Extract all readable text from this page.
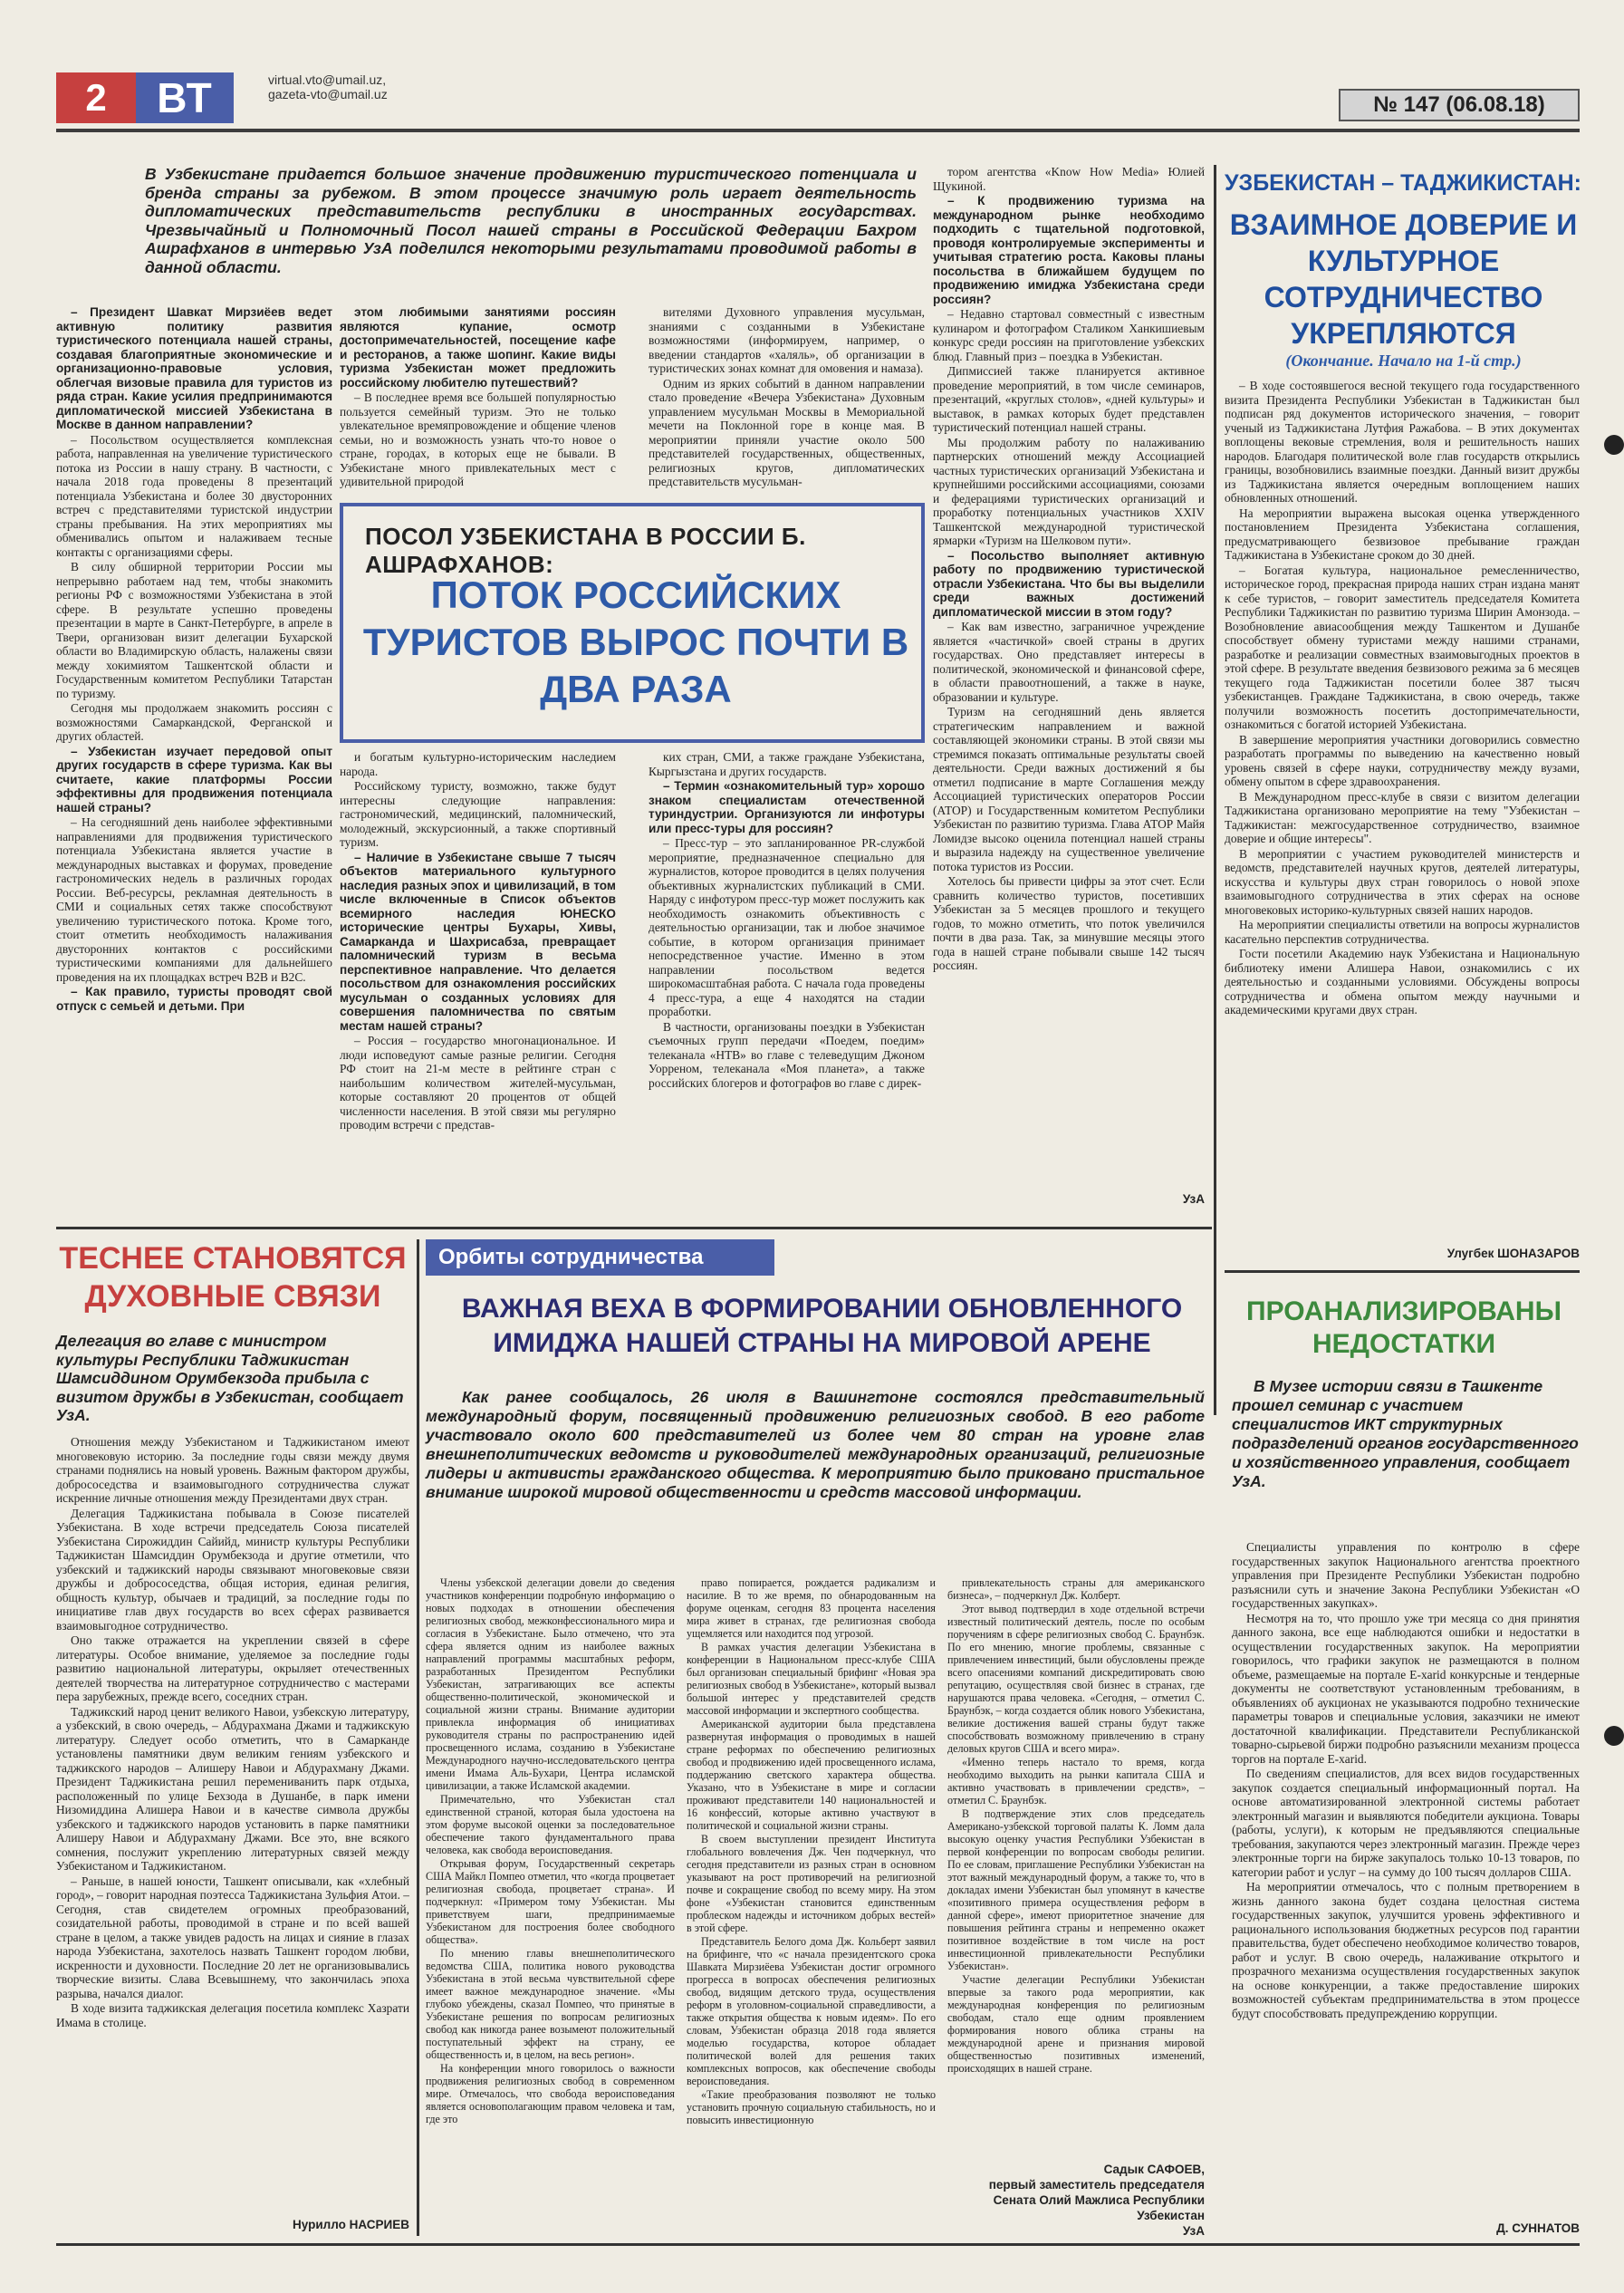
2	ВТ	virtual.vto@umail.uz,
gazeta-vto@umail.uz	№ 147 (06.08.18)
В Узбекистане придается большое значение продвижению туристического потенциала и бренда страны за рубежом. В этом процессе значимую роль играет деятельность дипломатических представительств республики в иностранных государствах. Чрезвычайный и Полномочный Посол нашей страны в Российской Федерации Бахром Ашрафханов в интервью УзА поделился некоторыми результатами проводимой работы в данной области.

– Президент Шавкат Мирзиёев ведет активную политику развития туристического потенциала нашей страны, создавая благоприятные экономические и организационно-правовые условия, облегчая визовые правила для туристов из ряда стран. Какие усилия предпринимаются дипломатической миссией Узбекистана в Москве в данном направлении?

– Посольством осуществляется комплексная работа, направленная на увеличение туристического потока из России в нашу страну. В частности, с начала 2018 года проведены 8 презентаций потенциала Узбекистана и более 30 двусторонних встреч с представителями туристской индустрии страны пребывания. На этих мероприятиях мы обменивались опытом и налаживаем тесные контакты с организациями сферы.

В силу обширной территории России мы непрерывно работаем над тем, чтобы знакомить регионы РФ с возможностями Узбекистана в этой сфере. В результате успешно проведены презентации в марте в Санкт-Петербурге, в апреле в Твери, организован визит делегации Бухарской области во Владимирскую область, налажены связи между хокимиятом Ташкентской области и Государственным комитетом Республики Татарстан по туризму.

Сегодня мы продолжаем знакомить россиян с возможностями Самаркандской, Ферганской и других областей.

– Узбекистан изучает передовой опыт других государств в сфере туризма. Как вы считаете, какие платформы России эффективны для продвижения потенциала нашей страны?

– На сегодняшний день наиболее эффективными направлениями для продвижения туристического потенциала Узбекистана является участие в международных выставках и форумах, проведение гастрономических недель в различных городах России. Веб-ресурсы, рекламная деятельность в СМИ и социальных сетях также способствуют увеличению туристического потока. Кроме того, стоит отметить необходимость налаживания двусторонних контактов с российскими туристическими компаниями для дальнейшего проведения на их площадках встреч В2В и В2С.

– Как правило, туристы проводят свой отпуск с семьей и детьми. При

этом любимыми занятиями россиян являются купание, осмотр достопримечательностей, посещение кафе и ресторанов, а также шопинг. Какие виды туризма Узбекистан может предложить российскому любителю путешествий?

– В последнее время все большей популярностью пользуется семейный туризм. Это не только увлекательное времяпровождение и общение членов семьи, но и возможность узнать что-то новое о стране, городах, в которых еще не бывали. В Узбекистане много привлекательных мест с удивительной природой

вителями Духовного управления мусульман, знаниями с созданными в Узбекистане возможностями (информируем, например, о введении стандартов «халяль», об организации в туристических зонах комнат для омовения и намаза).

Одним из ярких событий в данном направлении стало проведение «Вечера Узбекистана» Духовным управлением мусульман Москвы в Мемориальной мечети на Поклонной горе в конце мая. В мероприятии приняли участие около 500 представителей государственных, общественных, религиозных кругов, дипломатических представительств мусульман-

ПОСОЛ УЗБЕКИСТАНА В РОССИИ Б. АШРАФХАНОВ:
ПОТОК РОССИЙСКИХ ТУРИСТОВ ВЫРОС ПОЧТИ В ДВА РАЗА

и богатым культурно-историческим наследием народа.

Российскому туристу, возможно, также будут интересны следующие направления: гастрономический, медицинский, паломнический, молодежный, экскурсионный, а также спортивный туризм.

– Наличие в Узбекистане свыше 7 тысяч объектов материального культурного наследия разных эпох и цивилизаций, в том числе включенные в Список объектов всемирного наследия ЮНЕСКО исторические центры Бухары, Хивы, Самарканда и Шахрисабза, превращает паломнический туризм в весьма перспективное направление. Что делается посольством для ознакомления российских мусульман о созданных условиях для совершения паломничества по святым местам нашей страны?

– Россия – государство многонациональное. И люди исповедуют самые разные религии. Сегодня РФ стоит на 21-м месте в рейтинге стран с наибольшим количеством жителей-мусульман, которые составляют 20 процентов от общей численности населения. В этой связи мы регулярно проводим встречи с представ-

ких стран, СМИ, а также граждане Узбекистана, Кыргызстана и других государств.

– Термин «ознакомительный тур» хорошо знаком специалистам отечественной туриндустрии. Организуются ли инфотуры или пресс-туры для россиян?

– Пресс-тур – это запланированное PR-службой мероприятие, предназначенное специально для журналистов, которое проводится в целях получения объективных журналистских публикаций в СМИ. Наряду с инфотуром пресс-тур может послужить как необходимость ознакомить объективность с деятельностью организации, так и любое значимое событие, в котором организация принимает непосредственное участие. Именно в этом направлении посольством ведется широкомасштабная работа. С начала года проведены 4 пресс-тура, а еще 4 находятся на стадии проработки.

В частности, организованы поездки в Узбекистан съемочных групп передачи «Поедем, поедим» телеканала «НТВ» во главе с телеведущим Джоном Уорреном, телеканала «Моя планета», а также российских блогеров и фотографов во главе с дирек-

тором агентства «Know How Media» Юлией Щукиной.

– К продвижению туризма на международном рынке необходимо подходить с тщательной подготовкой, проводя контролируемые эксперименты и учитывая стратегию роста. Каковы планы посольства в ближайшем будущем по продвижению имиджа Узбекистана среди россиян?

– Недавно стартовал совместный с известным кулинаром и фотографом Сталиком Ханкишиевым конкурс среди россиян на приготовление узбекских блюд. Главный приз – поездка в Узбекистан.

Дипмиссией также планируется активное проведение мероприятий, в том числе семинаров, презентаций, «круглых столов», «дней культуры» и выставок, в рамках которых будет представлен туристический потенциал нашей страны.

Мы продолжим работу по налаживанию партнерских отношений между Ассоциацией частных туристических организаций Узбекистана и крупнейшими российскими ассоциациями, союзами и федерациями туристических организаций и проработку потенциальных участников XXIV Ташкентской международной туристической ярмарки «Туризм на Шелковом пути».

– Посольство выполняет активную работу по продвижению туристической отрасли Узбекистана. Что бы вы выделили среди важных достижений дипломатической миссии в этом году?

– Как вам известно, заграничное учреждение является «частичкой» своей страны в других государствах. Оно представляет интересы в политической, экономической и финансовой сфере, в области правоотношений, а также в науке, образовании и культуре.

Туризм на сегодняшний день является стратегическим направлением и важной составляющей экономики страны. В этой связи мы стремимся показать оптимальные результаты своей деятельности. Среди важных достижений я бы отметил подписание в марте Соглашения между Ассоциацией туристических операторов России (АТОР) и Государственным комитетом Республики Узбекистан по развитию туризма. Глава АТОР Майя Ломидзе высоко оценила потенциал нашей страны и выразила надежду на существенное увеличение потока туристов из России.

Хотелось бы привести цифры за этот счет. Если сравнить количество туристов, посетивших Узбекистан за 5 месяцев прошлого и текущего годов, то можно отметить, что поток увеличился почти в два раза. Так, за минувшие месяцы этого года в нашей стране побывали свыше 142 тысяч россиян.

УзА
УЗБЕКИСТАН – ТАДЖИКИСТАН:
ВЗАИМНОЕ ДОВЕРИЕ И КУЛЬТУРНОЕ СОТРУДНИЧЕСТВО УКРЕПЛЯЮТСЯ
(Окончание. Начало на 1-й стр.)

– В ходе состоявшегося весной текущего года государственного визита Президента Республики Узбекистан в Таджикистан был подписан ряд документов исторического значения, – говорит ученый из Таджикистана Лутфия Ражабова. – В этих документах воплощены вековые стремления, воля и решительность наших народов. Благодаря политической воле глав государств открылись границы, возобновились взаимные поездки. Данный визит дружбы из Таджикистана является очередным воплощением наших обновленных отношений.

На мероприятии выражена высокая оценка утвержденного постановлением Президента Узбекистана соглашения, предусматривающего безвизовое пребывание граждан Таджикистана в Узбекистане сроком до 30 дней.

– Богатая культура, национальное ремесленничество, историческое город, прекрасная природа наших стран издана манят к себе туристов, – говорит заместитель председателя Комитета Республики Таджикистан по развитию туризма Ширин Амонзода. – Возобновление авиасообщения между Ташкентом и Душанбе способствует обмену туристами между нашими странами, разработке и реализации совместных взаимовыгодных проектов в этой сфере. В результате введения безвизового режима за 6 месяцев текущего года Таджикистан посетили более 387 тысяч узбекистанцев. Граждане Таджикистана, в свою очередь, также получили возможность посетить достопримечательности, ознакомиться с богатой историей Узбекистана.

В завершение мероприятия участники договорились совместно разработать программы по выведению на качественно новый уровень связей в сфере науки, сотрудничеству между вузами, обмену опытом в сфере здравоохранения.

В Международном пресс-клубе в связи с визитом делегации Таджикистана организовано мероприятие на тему "Узбекистан – Таджикистан: межгосударственное сотрудничество, взаимное доверие и общие интересы".

В мероприятии с участием руководителей министерств и ведомств, представителей научных кругов, деятелей литературы, искусства и культуры двух стран говорилось о новой эпохе взаимовыгодного сотрудничества в этих сферах на основе многовековых историко-культурных связей наших народов.

На мероприятии специалисты ответили на вопросы журналистов касательно перспектив сотрудничества.

Гости посетили Академию наук Узбекистана и Национальную библиотеку имени Алишера Навои, ознакомились с их деятельностью и созданными условиями. Обсуждены вопросы сотрудничества и обмена опытом между научными и академическими кругами двух стран.

Улугбек ШОНАЗАРОВ
ТЕСНЕЕ СТАНОВЯТСЯ ДУХОВНЫЕ СВЯЗИ
Делегация во главе с министром культуры Республики Таджикистан Шамсиддином Орумбекзода прибыла с визитом дружбы в Узбекистан, сообщает УзА.

Отношения между Узбекистаном и Таджикистаном имеют многовековую историю. За последние годы связи между двумя странами поднялись на новый уровень. Важным фактором дружбы, добрососедства и взаимовыгодного сотрудничества служат искренние личные отношения между Президентами двух стран.

Делегация Таджикистана побывала в Союзе писателей Узбекистана. В ходе встречи председатель Союза писателей Узбекистана Сирожиддин Сайийд, министр культуры Республики Таджикистан Шамсиддин Орумбекзода и другие отметили, что узбекский и таджикский народы связывают многовековые связи дружбы и добрососедства, общая история, единая религия, общность культур, обычаев и традиций, за последние годы по инициативе глав двух государств во всех сферах развивается взаимовыгодное сотрудничество.

Оно также отражается на укреплении связей в сфере литературы. Особое внимание, уделяемое за последние годы развитию национальной литературы, окрыляет отечественных деятелей творчества на литературное сотрудничество с мастерами пера зарубежных, прежде всего, соседних стран.

Таджикский народ ценит великого Навои, узбекскую литературу, а узбекский, в свою очередь, – Абдурахмана Джами и таджикскую литературу. Следует особо отметить, что в Самарканде установлены памятники двум великим гениям узбекского и таджикского народов – Алишеру Навои и Абдурахману Джами. Президент Таджикистана решил перемениванить парк отдыха, расположенный по улице Бехзода в Душанбе, в парк имени Низомиддина Алишера Навои и в качестве символа дружбы узбекского и таджикского народов установить в парке памятники Алишеру Навои и Абдурахману Джами. Все это, вне всякого сомнения, послужит укреплению литературных связей между Узбекистаном и Таджикистаном.

– Раньше, в нашей юности, Ташкент описывали, как «хлебный город», – говорит народная поэтесса Таджикистана Зульфия Атои. – Сегодня, став свидетелем огромных преобразований, созидательной работы, проводимой в стране и по всей вашей стране в целом, а также увидев радость на лицах и сияние в глазах народа Узбекистана, захотелось назвать Ташкент городом любви, искренности и духовности. Последние 20 лет не организовывались творческие визиты. Слава Всевышнему, что закончилась эпоха разрыва, начался диалог.

В ходе визита таджикская делегация посетила комплекс Хазрати Имама в столице.

Нурилло НАСРИЕВ
Орбиты сотрудничества
ВАЖНАЯ ВЕХА В ФОРМИРОВАНИИ ОБНОВЛЕННОГО ИМИДЖА НАШЕЙ СТРАНЫ НА МИРОВОЙ АРЕНЕ
Как ранее сообщалось, 26 июля в Вашингтоне состоялся представительный международный форум, посвященный продвижению религиозных свобод. В его работе участвовало около 600 представителей из более чем 80 стран на уровне глав внешнеполитических ведомств и руководителей международных организаций, религиозные лидеры и активисты гражданского общества. К мероприятию было приковано пристальное внимание широкой мировой общественности и средств массовой информации.

Члены узбекской делегации довели до сведения участников конференции подробную информацию о новых подходах в отношении обеспечения религиозных свобод, межконфессионального мира и согласия в Узбекистане. Было отмечено, что эта сфера является одним из наиболее важных направлений программы масштабных реформ, разработанных Президентом Республики Узбекистан, затрагивающих все аспекты общественно-политической, экономической и социальной жизни страны. Внимание аудитории привлекла информация об инициативах руководителя страны по распространению идей просвещенного ислама, созданию в Узбекистане Международного научно-исследовательского центра имени Имама Аль-Бухари, Центра исламской цивилизации, а также Исламской академии.

Примечательно, что Узбекистан стал единственной страной, которая была удостоена на этом форуме высокой оценки за последовательное обеспечение такого фундаментального права человека, как свобода вероисповедания.

Открывая форум, Государственный секретарь США Майкл Помпео отметил, что «когда процветает религиозная свобода, процветает страна». И подчеркнул: «Примером тому Узбекистан. Мы приветствуем шаги, предпринимаемые Узбекистаном для построения более свободного общества».

По мнению главы внешнеполитического ведомства США, политика нового руководства Узбекистана в этой весьма чувствительной сфере имеет важное международное значение. «Мы глубоко убеждены, сказал Помпео, что принятые в Узбекистане решения по вопросам религиозных свобод как никогда ранее возымеют положительный поступательный эффект на страну, ее общественность и, в целом, на весь регион».

На конференции много говорилось о важности продвижения религиозных свобод в современном мире. Отмечалось, что свобода вероисповедания является основополагающим правом человека и там, где это

право попирается, рождается радикализм и насилие. В то же время, по обнародованным на форуме оценкам, сегодня 83 процента населения мира живет в странах, где религиозная свобода ущемляется или находится под угрозой.

В рамках участия делегации Узбекистана в конференции в Национальном пресс-клубе США был организован специальный брифинг «Новая эра религиозных свобод в Узбекистане», который вызвал большой интерес у представителей средств массовой информации и экспертного сообщества.

Американской аудитории была представлена развернутая информация о проводимых в нашей стране реформах по обеспечению религиозных свобод и продвижению идей просвещенного ислама, поддержанию светского характера общества. Указано, что в Узбекистане в мире и согласии проживают представители 140 национальностей и 16 конфессий, которые активно участвуют в политической и социальной жизни страны.

В своем выступлении президент Института глобального вовлечения Дж. Чен подчеркнул, что сегодня представители из разных стран в основном указывают на рост противоречий на религиозной почве и сокращение свобод по всему миру. На этом фоне «Узбекистан становится единственным проблеском надежды и источником добрых вестей» в этой сфере.

Представитель Белого дома Дж. Кольберт заявил на брифинге, что «с начала президентского срока Шавката Мирзиёева Узбекистан достиг огромного прогресса в вопросах обеспечения религиозных свобод, видящим детского труда, осуществления реформ в уголовном-социальной справедливости, а также открытия общества к новым идеям». По его словам, Узбекистан образца 2018 года является моделью государства, которое обладает политической волей для решения таких комплексных вопросов, как обеспечение свободы вероисповедания.

«Такие преобразования позволяют не только установить прочную социальную стабильность, но и повысить инвестиционную

привлекательность страны для американского бизнеса», – подчеркнул Дж. Колберт.

Этот вывод подтвердил в ходе отдельной встречи известный политический деятель, после по особым поручениям в сфере религиозных свобод С. Браунбэк. По его мнению, многие проблемы, связанные с привлечением инвестиций, были обусловлены прежде всего опасениями компаний дискредитировать свою репутацию, осуществляя свой бизнес в странах, где нарушаются права человека. «Сегодня, – отметил С. Браунбэк, – когда создается облик нового Узбекистана, великие достижения вашей страны будут также способствовать возможному привлечению в страну деловых кругов США и всего мира».

«Именно теперь настало то время, когда необходимо выходить на рынки капитала США и активно участвовать в привлечении средств», – отметил С. Браунбэк.

В подтверждение этих слов председатель Американо-узбекской торговой палаты К. Ломм дала высокую оценку участия Республики Узбекистан в первой конференции по вопросам свободы религии. По ее словам, приглашение Республики Узбекистан на этот важный международный форум, а также то, что в докладах имени Узбекистан был упомянут в качестве «позитивного примера осуществления реформ в данной сфере», имеют приоритетное значение для повышения рейтинга страны и непременно окажет позитивное воздействие в том числе на рост инвестиционной привлекательности Республики Узбекистан».

Участие делегации Республики Узбекистан впервые за такого рода мероприятии, как международная конференция по религиозным свободам, стало еще одним проявлением формирования нового облика страны на международной арене и признания мировой общественностью позитивных изменений, происходящих в нашей стране.

Садык САФОЕВ,
первый заместитель председателя Сената Олий Мажлиса Республики Узбекистан
УзА
ПРОАНАЛИЗИРОВАНЫ НЕДОСТАТКИ
В Музее истории связи в Ташкенте прошел семинар с участием специалистов ИКТ структурных подразделений органов государственного и хозяйственного управления, сообщает УзА.

Специалисты управления по контролю в сфере государственных закупок Национального агентства проектного управления при Президенте Республики Узбекистан подробно разъяснили суть и значение Закона Республики Узбекистан «О государственных закупках».

Несмотря на то, что прошло уже три месяца со дня принятия данного закона, все еще наблюдаются ошибки и недостатки в осуществлении государственных закупок. На мероприятии говорилось, что графики закупок не размещаются в полном объеме, размещаемые на портале E-xarid конкурсные и тендерные документы не соответствуют установленным требованиям, в объявлениях об аукционах не указываются подробно технические параметры товаров и специальные условия, заказчики не имеют достаточной квалификации. Представители Республиканской товарно-сырьевой биржи подробно разъяснили механизм процесса торгов на портале E-xarid.

По сведениям специалистов, для всех видов государственных закупок создается специальный информационный портал. На основе автоматизированной электронной системы работает электронный магазин и выявляются победители аукциона. Товары (работы, услуги), к которым не предъявляются специальные требования, закупаются через электронный магазин. Прежде через электронные торги на бирже закупалось только 10-13 товаров, по категории работ и услуг – на сумму до 100 тысяч долларов США.

На мероприятии отмечалось, что с полным претворением в жизнь данного закона будет создана целостная система государственных закупок, улучшится уровень эффективного и рационального использования бюджетных ресурсов под гарантии правительства, будет обеспечено необходимое количество товаров, работ и услуг. В свою очередь, налаживание открытого и прозрачного механизма осуществления государственных закупок на основе конкуренции, а также предоставление широких возможностей субъектам предпринимательства в этом процессе будут способствовать предупреждению коррупции.

Д. СУННАТОВ
